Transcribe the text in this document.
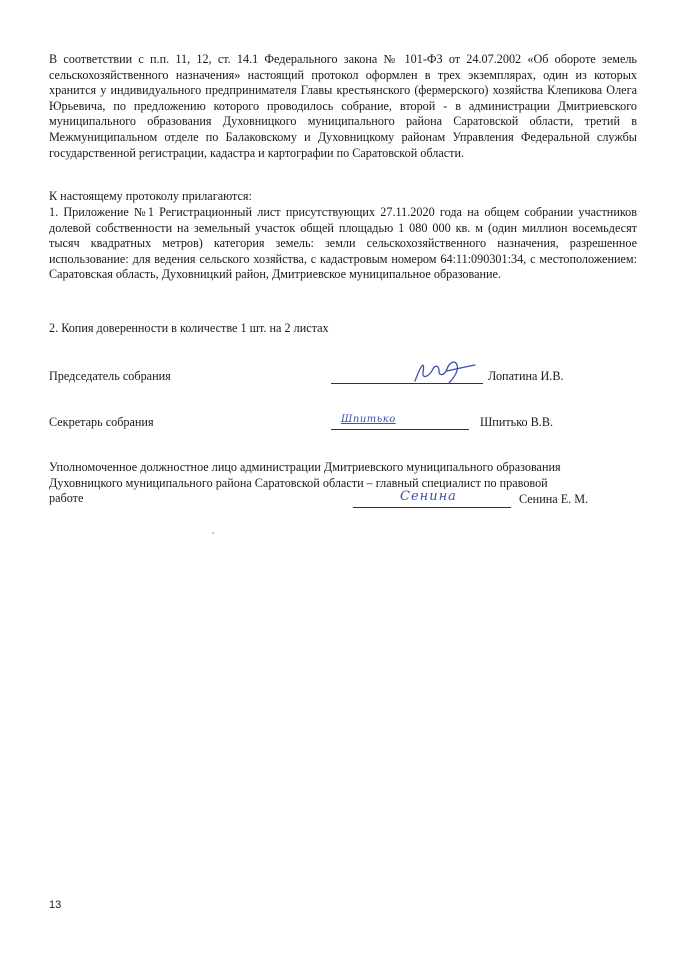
В соответствии с п.п. 11, 12, ст. 14.1 Федерального закона № 101-ФЗ от 24.07.2002 «Об обороте земель сельскохозяйственного назначения» настоящий протокол оформлен в трех экземплярах, один из которых хранится у индивидуального предпринимателя Главы крестьянского (фермерского) хозяйства Клепикова Олега Юрьевича, по предложению которого проводилось собрание, второй - в администрации Дмитриевского муниципального образования Духовницкого муниципального района Саратовской области, третий в Межмуниципальном отделе по Балаковскому и Духовницкому районам Управления Федеральной службы государственной регистрации, кадастра и картографии по Саратовской области.

К настоящему протоколу прилагаются:

1. Приложение №1 Регистрационный лист присутствующих 27.11.2020 года на общем собрании участников долевой собственности на земельный участок общей площадью 1 080 000 кв. м (один миллион восемьдесят тысяч квадратных метров) категория земель: земли сельскохозяйственного назначения, разрешенное использование: для ведения сельского хозяйства, с кадастровым номером 64:11:090301:34, с местоположением: Саратовская область, Духовницкий район, Дмитриевское муниципальное образование.

2. Копия доверенности в количестве 1 шт. на 2 листах

Председатель собрания	Лопатина И.В.
Секретарь собрания	Шпитько	Шпитько В.В.
Уполномоченное должностное лицо администрации Дмитриевского муниципального образования
Духовницкого муниципального района Саратовской области – главный специалист по правовой
работе	Сенина	Сенина Е. М.
13
